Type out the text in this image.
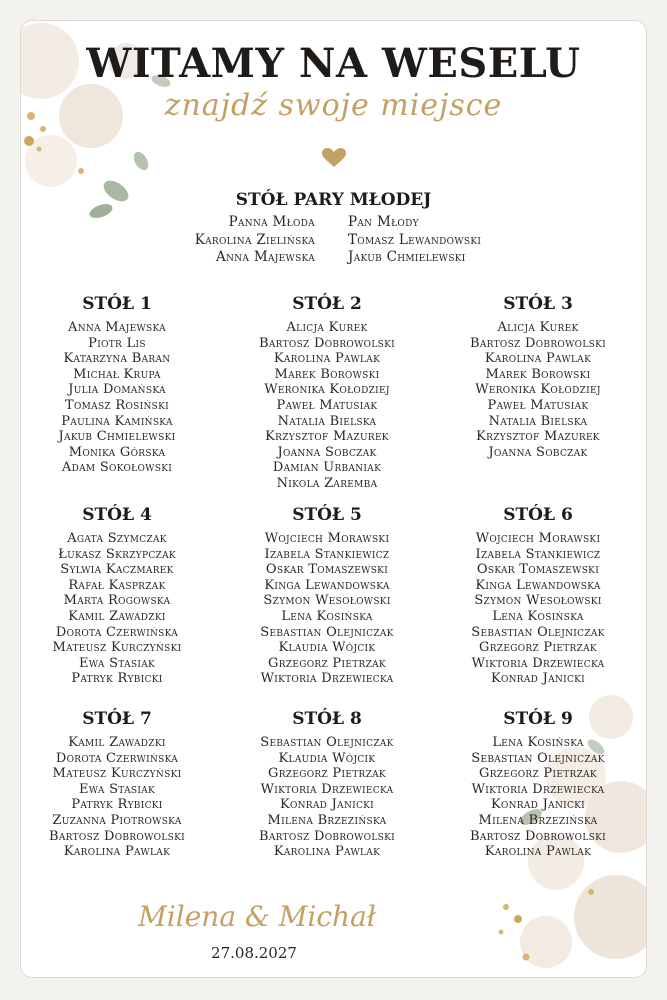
WITAMY NA WESELU
znajdź swoje miejsce
STÓŁ PARY MŁODEJ
Panna Młoda
Karolina Zielińska
Anna Majewska
Pan Młody
Tomasz Lewandowski
Jakub Chmielewski
STÓŁ 1
Anna Majewska
Piotr Lis
Katarzyna Baran
Michał Krupa
Julia Domańska
Tomasz Rosiński
Paulina Kamińska
Jakub Chmielewski
Monika Górska
Adam Sokołowski
STÓŁ 2
Alicja Kurek
Bartosz Dobrowolski
Karolina Pawlak
Marek Borowski
Weronika Kołodziej
Paweł Matusiak
Natalia Bielska
Krzysztof Mazurek
Joanna Sobczak
Damian Urbaniak
Nikola Zaremba
STÓŁ 3
Alicja Kurek
Bartosz Dobrowolski
Karolina Pawlak
Marek Borowski
Weronika Kołodziej
Paweł Matusiak
Natalia Bielska
Krzysztof Mazurek
Joanna Sobczak
STÓŁ 4
Agata Szymczak
Łukasz Skrzypczak
Sylwia Kaczmarek
Rafał Kasprzak
Marta Rogowska
Kamil Zawadzki
Dorota Czerwińska
Mateusz Kurczyński
Ewa Stasiak
Patryk Rybicki
STÓŁ 5
Wojciech Morawski
Izabela Stankiewicz
Oskar Tomaszewski
Kinga Lewandowska
Szymon Wesołowski
Lena Kosińska
Sebastian Olejniczak
Klaudia Wójcik
Grzegorz Pietrzak
Wiktoria Drzewiecka
STÓŁ 6
Wojciech Morawski
Izabela Stankiewicz
Oskar Tomaszewski
Kinga Lewandowska
Szymon Wesołowski
Lena Kosińska
Sebastian Olejniczak
Grzegorz Pietrzak
Wiktoria Drzewiecka
Konrad Janicki
STÓŁ 7
Kamil Zawadzki
Dorota Czerwińska
Mateusz Kurczyński
Ewa Stasiak
Patryk Rybicki
Zuzanna Piotrowska
Bartosz Dobrowolski
Karolina Pawlak
STÓŁ 8
Sebastian Olejniczak
Klaudia Wójcik
Grzegorz Pietrzak
Wiktoria Drzewiecka
Konrad Janicki
Milena Brzezińska
Bartosz Dobrowolski
Karolina Pawlak
STÓŁ 9
Lena Kosińska
Sebastian Olejniczak
Grzegorz Pietrzak
Wiktoria Drzewiecka
Konrad Janicki
Milena Brzezińska
Bartosz Dobrowolski
Karolina Pawlak
Milena & Michał
27.08.2027
